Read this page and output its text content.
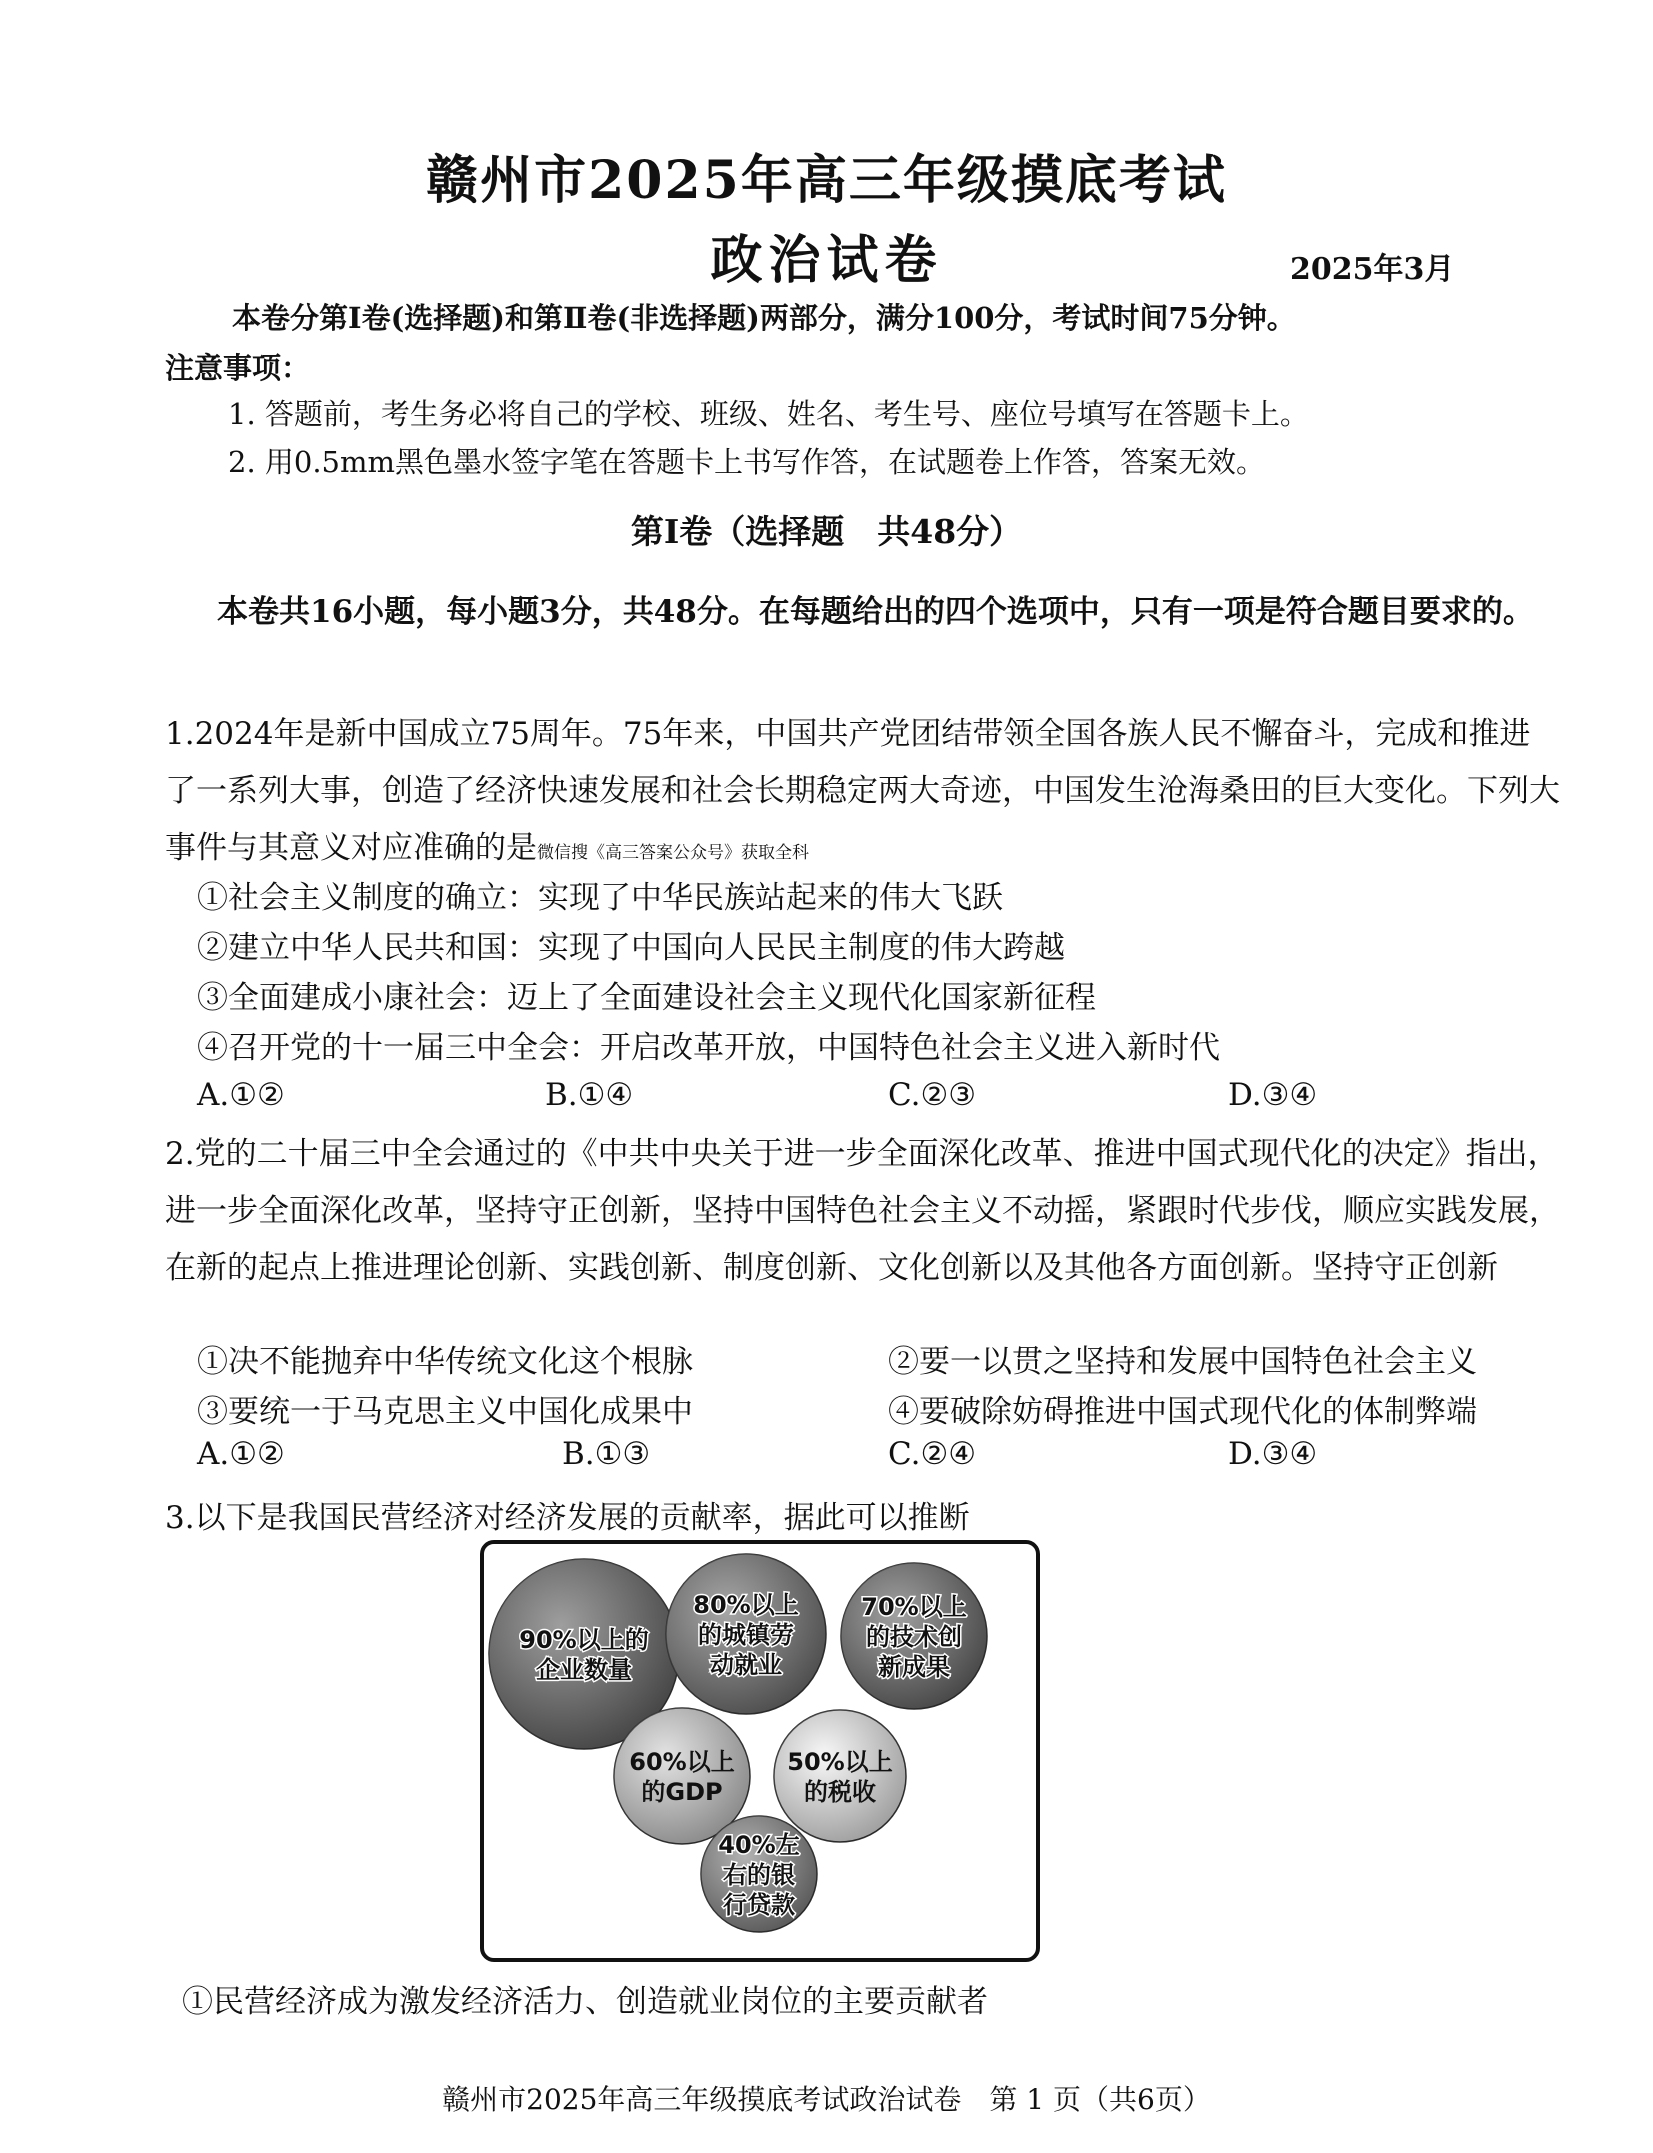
赣州市2025年高三年级摸底考试
政治试卷	2025年3月
本卷分第Ⅰ卷(选择题)和第Ⅱ卷(非选择题)两部分，满分100分，考试时间75分钟。
注意事项：
1. 答题前，考生务必将自己的学校、班级、姓名、考生号、座位号填写在答题卡上。
2. 用0.5mm黑色墨水签字笔在答题卡上书写作答，在试题卷上作答，答案无效。
第Ⅰ卷（选择题　共48分）
本卷共16小题，每小题3分，共48分。在每题给出的四个选项中，只有一项是符合题目要求的。
1.2024年是新中国成立75周年。75年来，中国共产党团结带领全国各族人民不懈奋斗，完成和推进了一系列大事，创造了经济快速发展和社会长期稳定两大奇迹，中国发生沧海桑田的巨大变化。下列大事件与其意义对应准确的是微信搜《高三答案公众号》获取全科
①社会主义制度的确立：实现了中华民族站起来的伟大飞跃
②建立中华人民共和国：实现了中国向人民民主制度的伟大跨越
③全面建成小康社会：迈上了全面建设社会主义现代化国家新征程
④召开党的十一届三中全会：开启改革开放，中国特色社会主义进入新时代
A.①②	B.①④	C.②③	D.③④
2.党的二十届三中全会通过的《中共中央关于进一步全面深化改革、推进中国式现代化的决定》指出，进一步全面深化改革，坚持守正创新，坚持中国特色社会主义不动摇，紧跟时代步伐，顺应实践发展，在新的起点上推进理论创新、实践创新、制度创新、文化创新以及其他各方面创新。坚持守正创新
①决不能抛弃中华传统文化这个根脉	②要一以贯之坚持和发展中国特色社会主义
③要统一于马克思主义中国化成果中	④要破除妨碍推进中国式现代化的体制弊端
A.①②	B.①③	C.②④	D.③④
3.以下是我国民营经济对经济发展的贡献率，据此可以推断
90%以上的
企业数量
80%以上
的城镇劳
动就业
70%以上
的技术创
新成果
60%以上
的GDP
50%以上
的税收
40%左
右的银
行贷款
①民营经济成为激发经济活力、创造就业岗位的主要贡献者
赣州市2025年高三年级摸底考试政治试卷　第 1 页（共6页）
